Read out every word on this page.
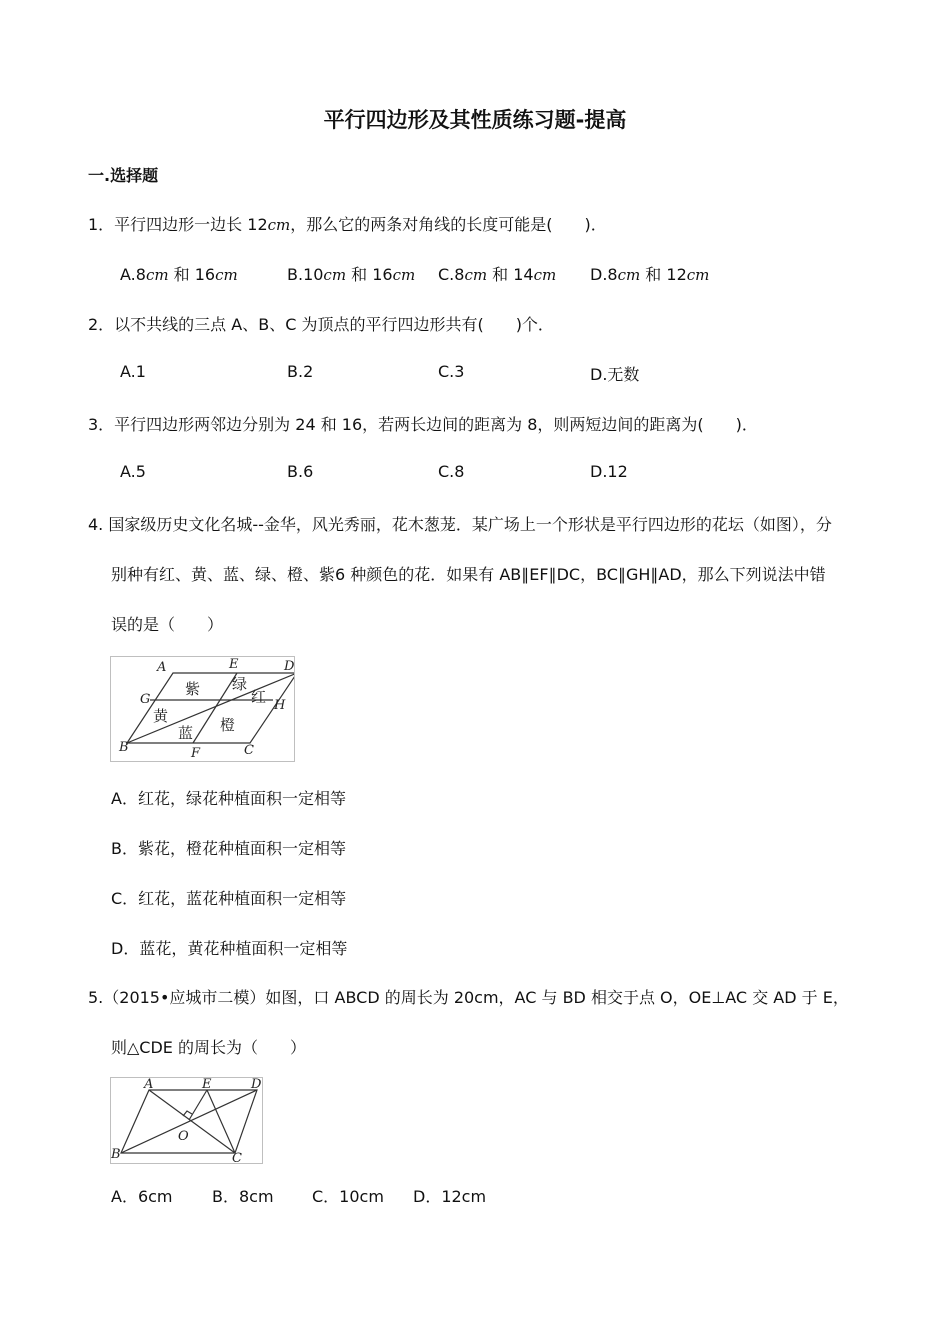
平行四边形及其性质练习题-提高
一.选择题
1．平行四边形一边长 12cm，那么它的两条对角线的长度可能是(　　)．
A.8cm 和 16cm	B.10cm 和 16cm C.8cm 和 14cm D.8cm 和 12cm
2．以不共线的三点 A、B、C 为顶点的平行四边形共有(　　)个．
A.1	B.2	C.3	D.无数
3．平行四边形两邻边分别为 24 和 16，若两长边间的距离为 8，则两短边间的距离为(　　)．
A.5	B.6	C.8	D.12
4. 国家级历史文化名城--金华，风光秀丽，花木葱茏．某广场上一个形状是平行四边形的花坛（如图），分
别种有红、黄、蓝、绿、橙、紫6 种颜色的花．如果有 AB∥EF∥DC，BC∥GH∥AD，那么下列说法中错
误的是（　　）
A	E	D
G	H
B	F	C
紫 绿
红
黄	橙
蓝
A．红花，绿花种植面积一定相等
B．紫花，橙花种植面积一定相等
C．红花，蓝花种植面积一定相等
D．蓝花，黄花种植面积一定相等
5.（2015•应城市二模）如图，口 ABCD 的周长为 20cm，AC 与 BD 相交于点 O，OE⊥AC 交 AD 于 E，
则△CDE 的周长为（　　）
A	E	D
O
B	C
A．6cm B．8cm C．10cm D．12cm
